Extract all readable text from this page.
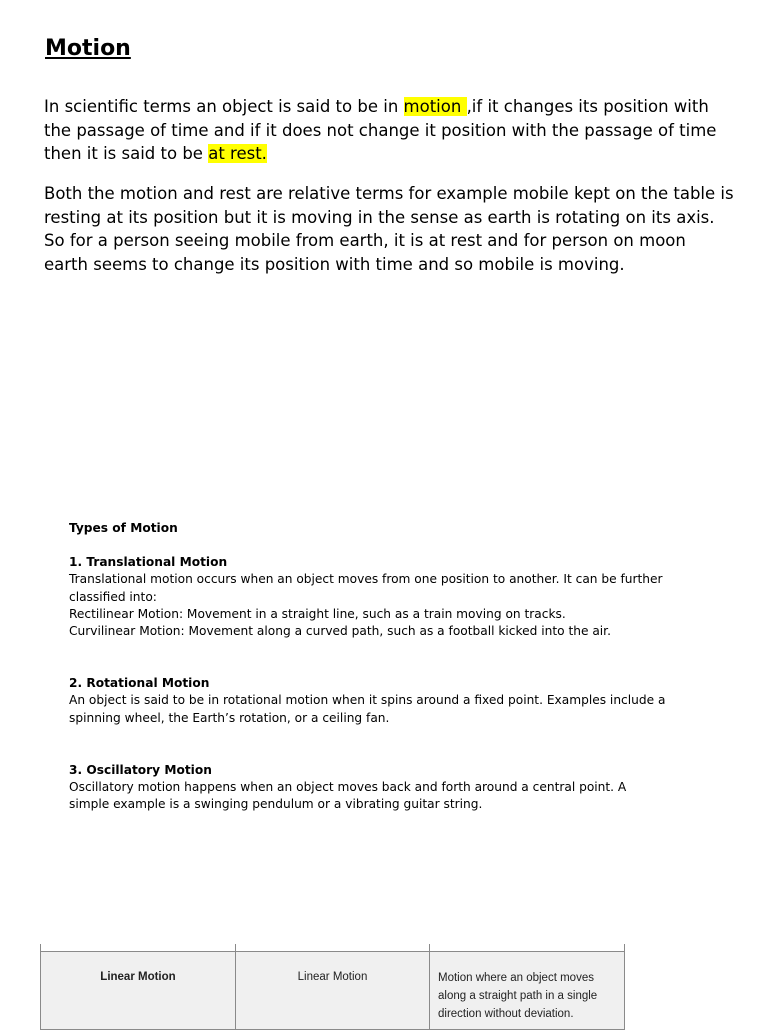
Motion

In scientific terms an object is said to be in motion ,if it changes its position with the passage of time and if it does not change it position with the passage of time then it is said to be at rest.

Both the motion and rest are relative terms for example mobile kept on the table is resting at its position but it is moving in the sense as earth is rotating on its axis. So for a person seeing mobile from earth, it is at rest and for person on moon earth seems to change its position with time and so mobile is moving.

Types of Motion

1. Translational Motion

Translational motion occurs when an object moves from one position to another. It can be further classified into:

Rectilinear Motion: Movement in a straight line, such as a train moving on tracks.

Curvilinear Motion: Movement along a curved path, such as a football kicked into the air.

2. Rotational Motion

An object is said to be in rotational motion when it spins around a fixed point. Examples include a spinning wheel, the Earth’s rotation, or a ceiling fan.

3. Oscillatory Motion

Oscillatory motion happens when an object moves back and forth around a central point. A simple example is a swinging pendulum or a vibrating guitar string.

Linear Motion	Linear Motion	Motion where an object moves along a straight path in a single direction without deviation.
